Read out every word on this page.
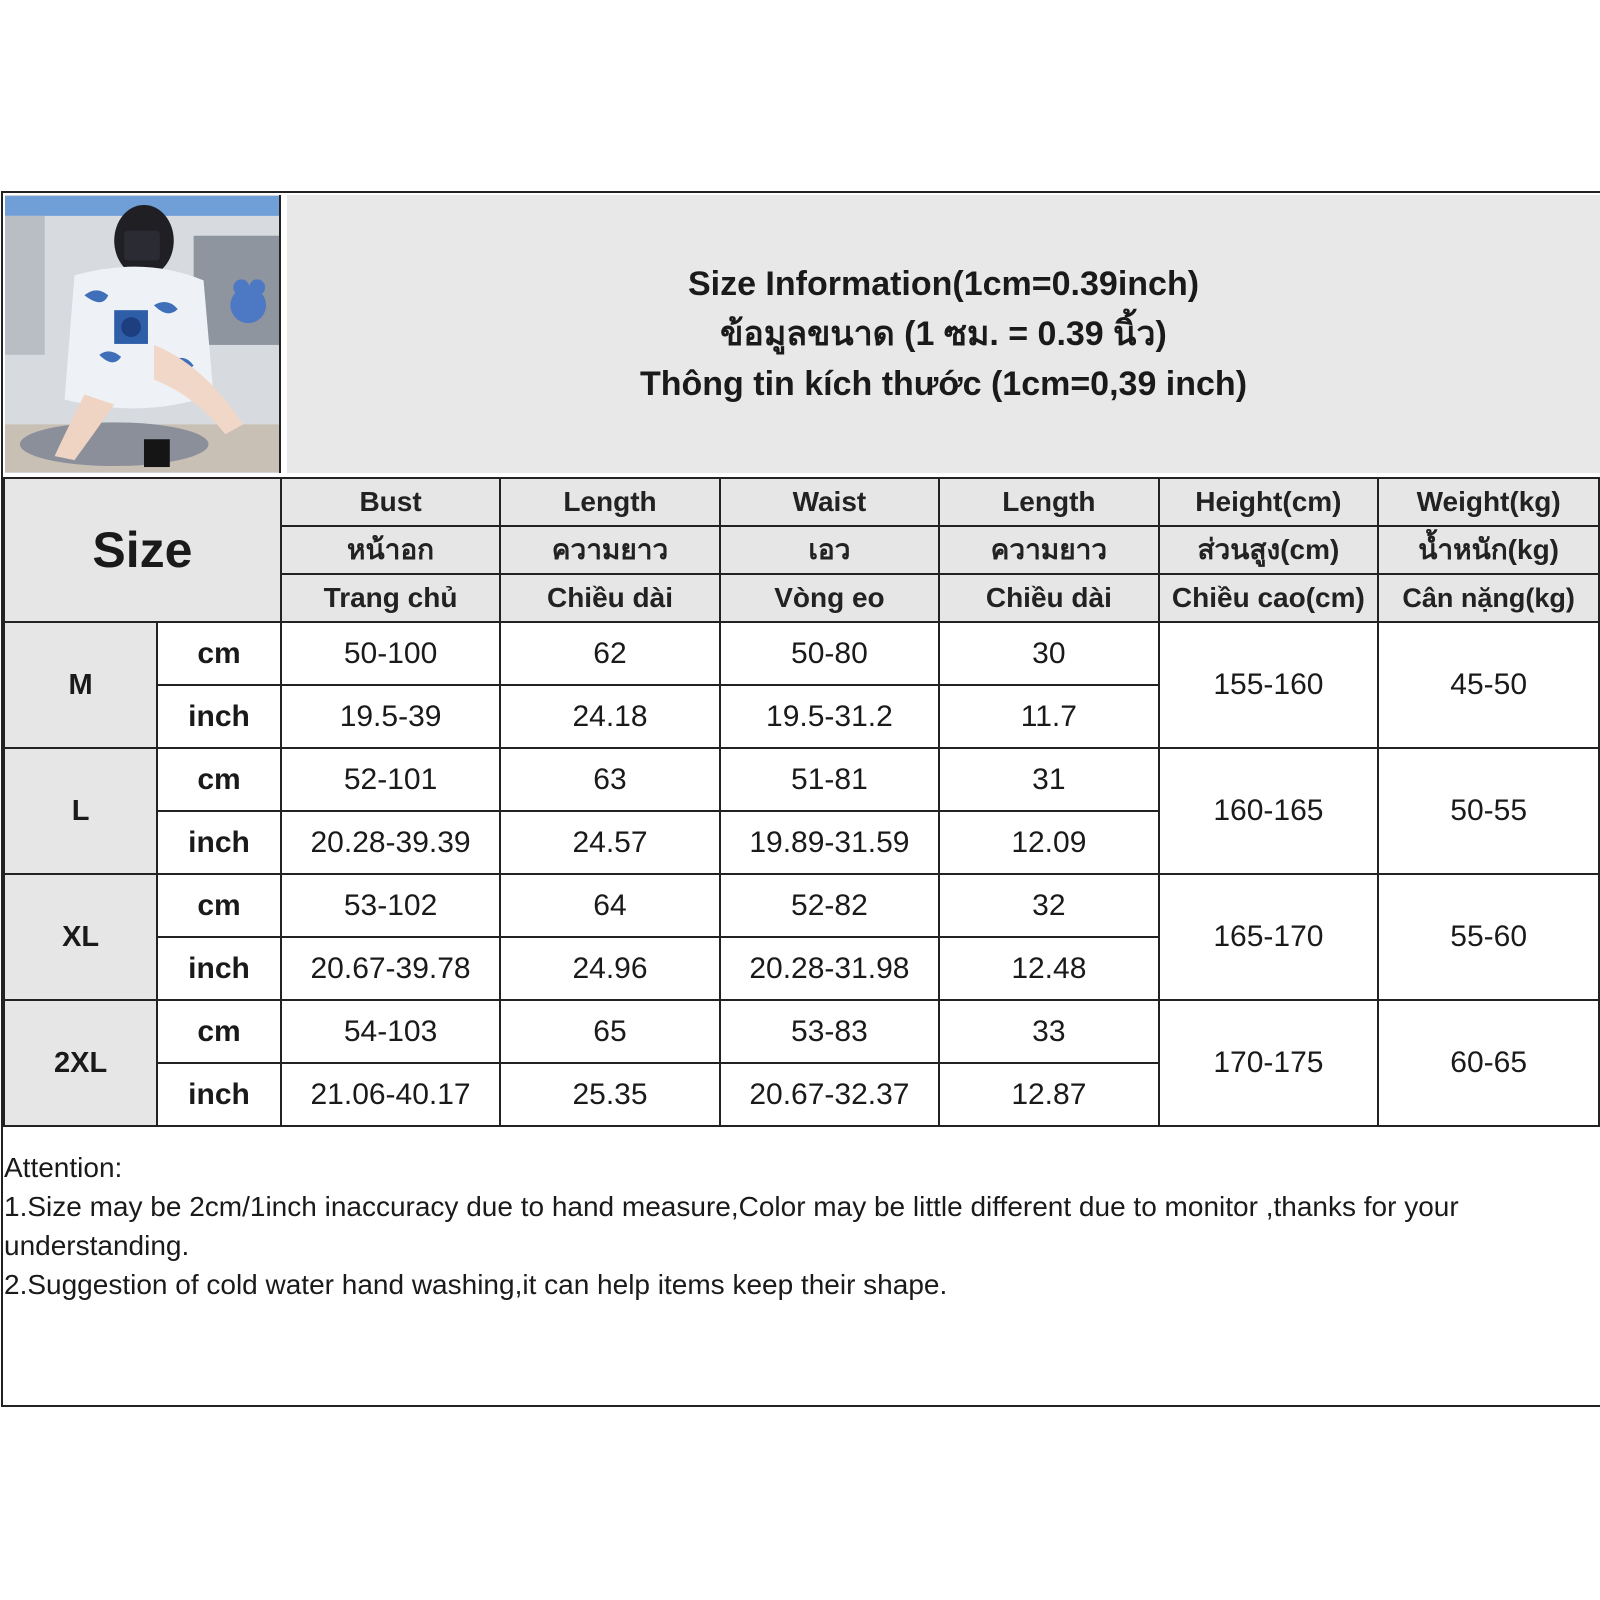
Size Information(1cm=0.39inch)
ข้อมูลขนาด (1 ซม. = 0.39 นิ้ว)
Thông tin kích thước (1cm=0,39 inch)
Size		Bust	Length	Waist	Length	Height(cm)	Weight(kg)
		หน้าอก	ความยาว	เอว	ความยาว	ส่วนสูง(cm)	น้ำหนัก(kg)
		Trang chủ	Chiều dài	Vòng eo	Chiều dài	Chiều cao(cm)	Cân nặng(kg)
M	cm	50-100	62	50-80	30	155-160	45-50
	inch	19.5-39	24.18	19.5-31.2	11.7		
L	cm	52-101	63	51-81	31	160-165	50-55
	inch	20.28-39.39	24.57	19.89-31.59	12.09		
XL	cm	53-102	64	52-82	32	165-170	55-60
	inch	20.67-39.78	24.96	20.28-31.98	12.48		
2XL	cm	54-103	65	53-83	33	170-175	60-65
	inch	21.06-40.17	25.35	20.67-32.37	12.87		
Attention:
1.Size may be 2cm/1inch inaccuracy due to hand measure,Color may be little different due to monitor ,thanks for your understanding.
2.Suggestion of cold water hand washing,it can help items keep their shape.
